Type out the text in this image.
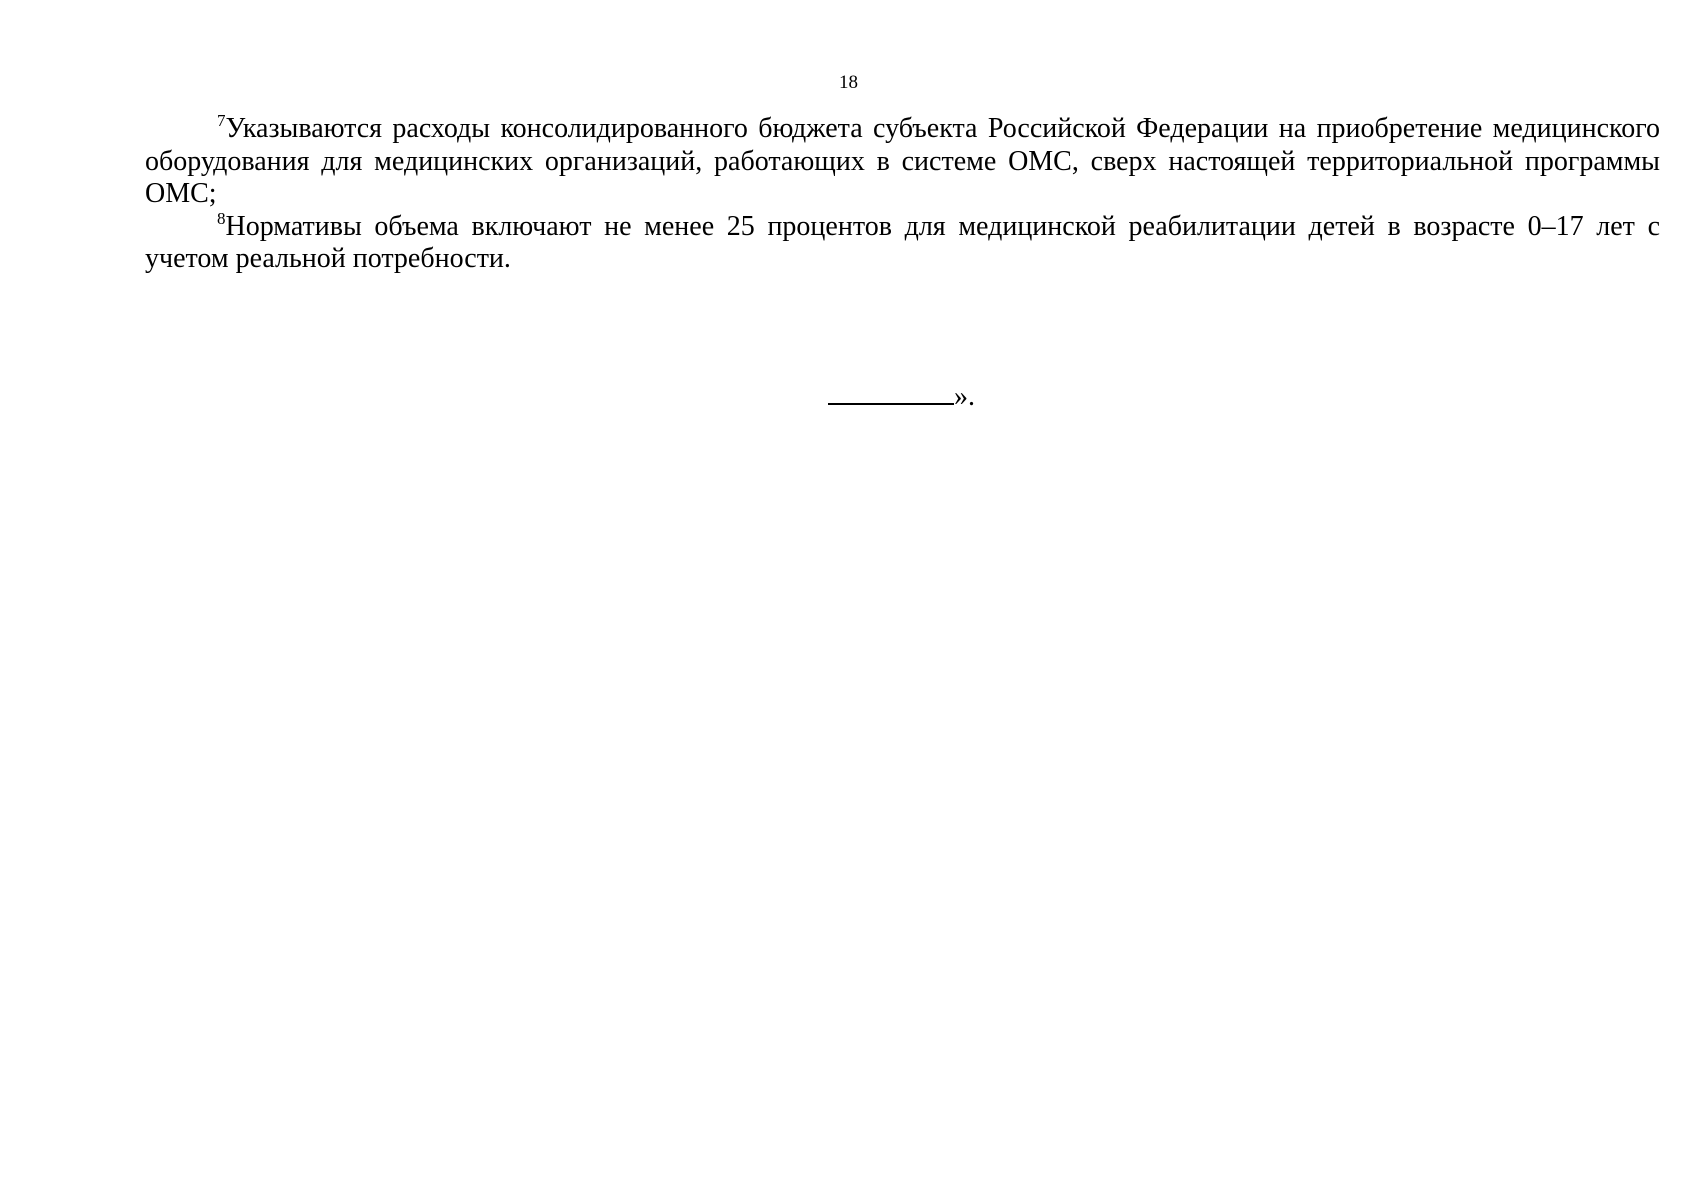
18

$^7$Указываются расходы консолидированного бюджета субъекта Российской Федерации на приобретение медицинского оборудования для медицинских организаций, работающих в системе ОМС, сверх настоящей территориальной программы ОМС;

$^8$Нормативы объема включают не менее 25 процентов для медицинской реабилитации детей в возрасте 0–17 лет с учетом реальной потребности.

».
